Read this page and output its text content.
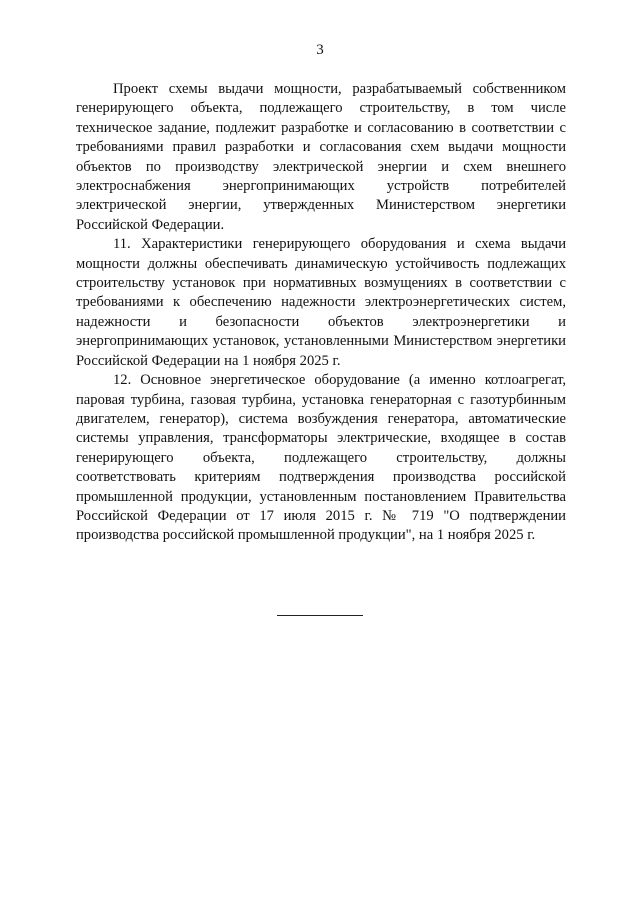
3

Проект схемы выдачи мощности, разрабатываемый собственником генерирующего объекта, подлежащего строительству, в том числе техническое задание, подлежит разработке и согласованию в соответствии с требованиями правил разработки и согласования схем выдачи мощности объектов по производству электрической энергии и схем внешнего электроснабжения энергопринимающих устройств потребителей электрической энергии, утвержденных Министерством энергетики Российской Федерации.

11. Характеристики генерирующего оборудования и схема выдачи мощности должны обеспечивать динамическую устойчивость подлежащих строительству установок при нормативных возмущениях в соответствии с требованиями к обеспечению надежности электроэнергетических систем, надежности и безопасности объектов электроэнергетики и энергопринимающих установок, установленными Министерством энергетики Российской Федерации на 1 ноября 2025 г.

12. Основное энергетическое оборудование (а именно котлоагрегат, паровая турбина, газовая турбина, установка генераторная с газотурбинным двигателем, генератор), система возбуждения генератора, автоматические системы управления, трансформаторы электрические, входящее в состав генерирующего объекта, подлежащего строительству, должны соответствовать критериям подтверждения производства российской промышленной продукции, установленным постановлением Правительства Российской Федерации от 17 июля 2015 г. № 719 "О подтверждении производства российской промышленной продукции", на 1 ноября 2025 г.
